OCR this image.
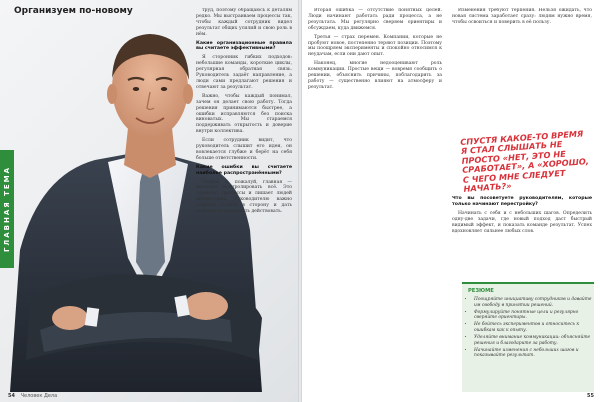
Организуем по-новому
ГЛАВНАЯ ТЕМА

труд, поэтому обращаюсь к деталям редко. Мы выстраиваем процессы так, чтобы каждый сотрудник видел результат общих усилий и свою роль в нём.

Какие организационные правила вы считаете эффективными?

Я сторонник гибких подходов: небольшие команды, короткие циклы, регулярная обратная связь. Руководитель задаёт направление, а люди сами предлагают решения и отвечают за результат.

Важно, чтобы каждый понимал, зачем он делает свою работу. Тогда решения принимаются быстрее, а ошибки исправляются без поиска виноватых. Мы стараемся поддерживать открытость и доверие внутри коллектива.

Если сотрудник видит, что руководитель слышит его идеи, он вовлекается глубже и берёт на себя больше ответственности.

Какие ошибки вы считаете наиболее распространёнными?

Первая и, пожалуй, главная — желание контролировать всё. Это тормозит процессы и лишает людей инициативы. Руководителю важно вовремя отойти в сторону и дать команде возможность действовать.

54 Человек Дела

Вторая ошибка — отсутствие понятных целей. Люди начинают работать ради процесса, а не результата. Мы регулярно сверяем ориентиры и обсуждаем, куда движемся.

Третья — страх перемен. Компании, которые не пробуют новое, постепенно теряют позиции. Поэтому мы поощряем эксперименты и спокойно относимся к неудачам, если они дают опыт.

Наконец, многие недооценивают роль коммуникации. Простые вещи — вовремя сообщить о решении, объяснить причины, поблагодарить за работу — существенно влияют на атмосферу и результат.

Изменения требуют терпения. Нельзя ожидать, что новая система заработает сразу: людям нужно время, чтобы освоиться и поверить в её пользу.

СПУСТЯ КАКОЕ-ТО ВРЕМЯ Я СТАЛ СЛЫШАТЬ НЕ ПРОСТО «НЕТ, ЭТО НЕ СРАБОТАЕТ», А «ХОРОШО, С ЧЕГО МНЕ СЛЕДУЕТ НАЧАТЬ?»

Что вы посоветуете руководителям, которые только начинают перестройку?

Начинать с себя и с небольших шагов. Определить одну-две задачи, где новый подход даст быстрый видимый эффект, и показать команде результат. Успех вдохновляет сильнее любых слов.

РЕЗЮМЕ
• Поощряйте инициативу сотрудников и давайте им свободу в принятии решений.
• Формулируйте понятные цели и регулярно сверяйте ориентиры.
• Не бойтесь экспериментов и относитесь к ошибкам как к опыту.
• Уделяйте внимание коммуникации: объясняйте решения и благодарите за работу.
• Начинайте изменения с небольших шагов и показывайте результат.
55
